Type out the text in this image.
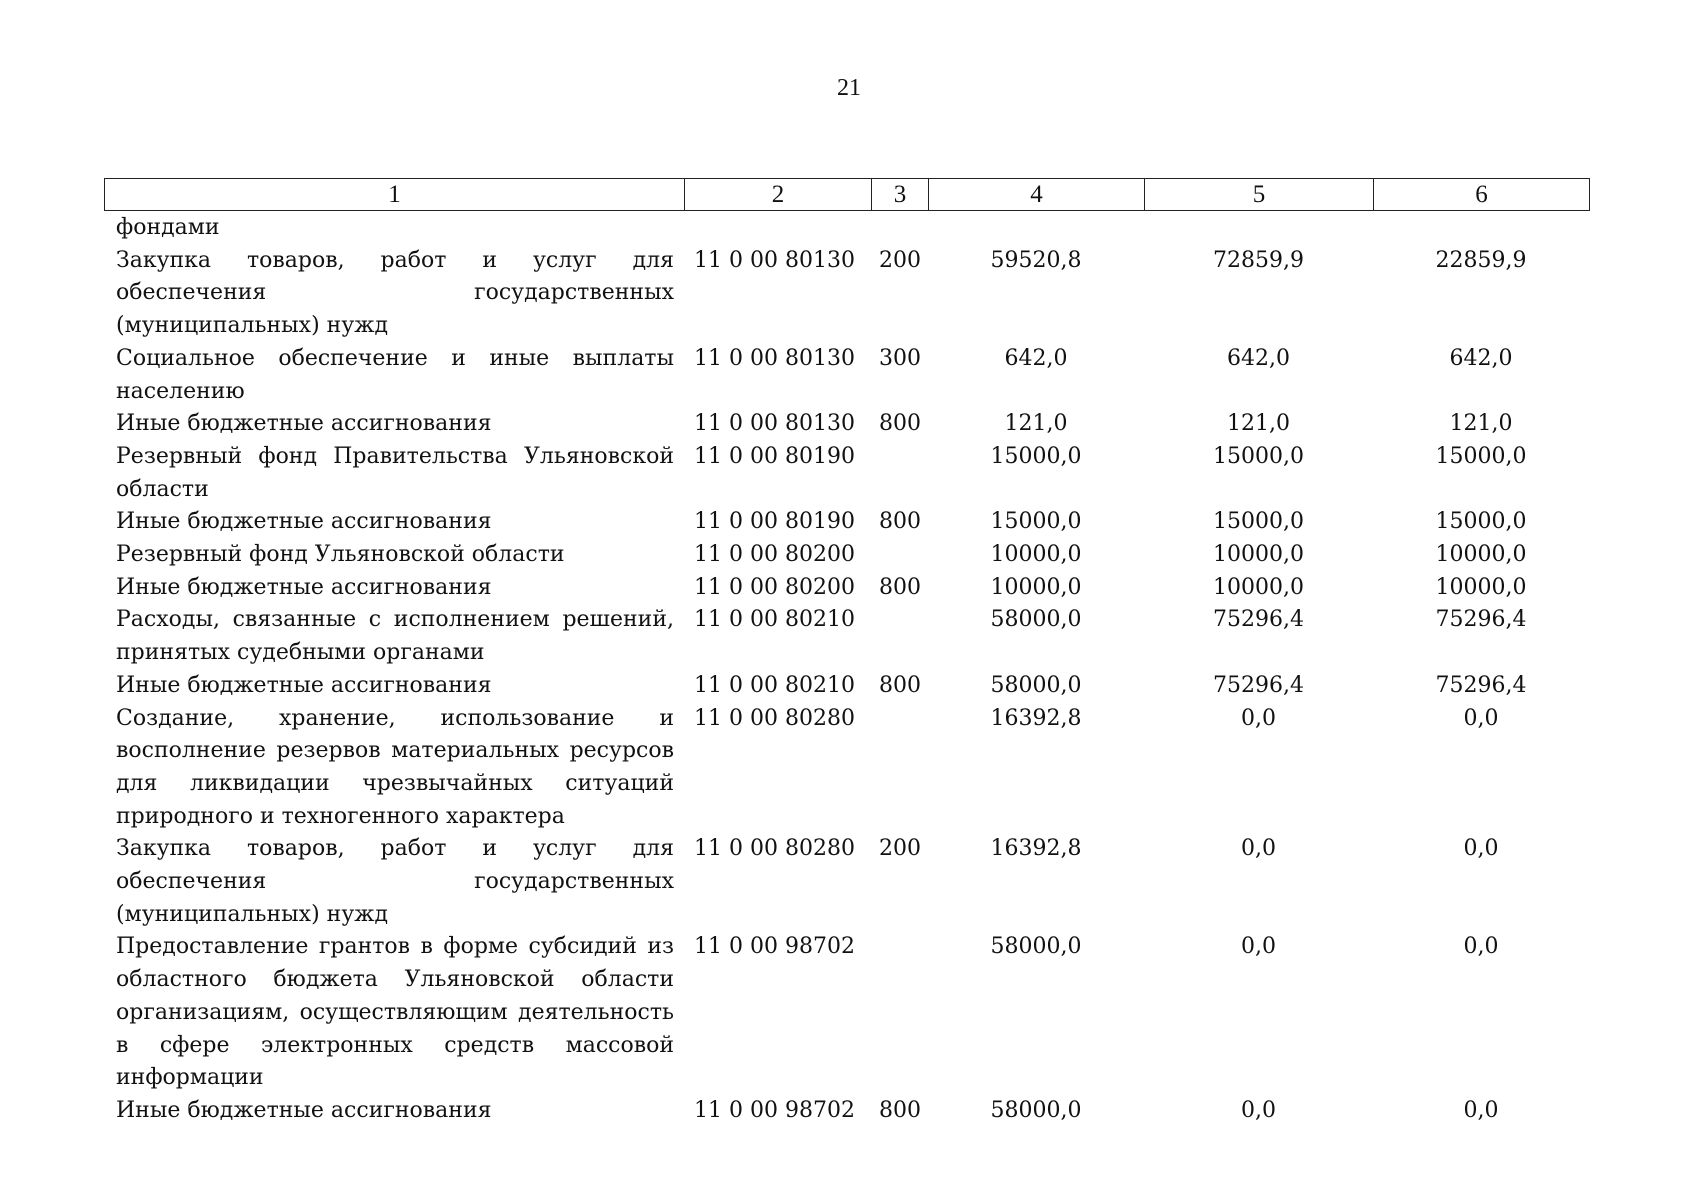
21
1	2	3	4	5	6
фондами					
Закупка товаров, работ и услуг для обеспечения государственных (муниципальных) нужд	11 0 00 80130	200	59520,8	72859,9	22859,9
Социальное обеспечение и иные выплаты населению	11 0 00 80130	300	642,0	642,0	642,0
Иные бюджетные ассигнования	11 0 00 80130	800	121,0	121,0	121,0
Резервный фонд Правительства Ульяновской области	11 0 00 80190		15000,0	15000,0	15000,0
Иные бюджетные ассигнования	11 0 00 80190	800	15000,0	15000,0	15000,0
Резервный фонд Ульяновской области	11 0 00 80200		10000,0	10000,0	10000,0
Иные бюджетные ассигнования	11 0 00 80200	800	10000,0	10000,0	10000,0
Расходы, связанные с исполнением решений, принятых судебными органами	11 0 00 80210		58000,0	75296,4	75296,4
Иные бюджетные ассигнования	11 0 00 80210	800	58000,0	75296,4	75296,4
Создание, хранение, использование и восполнение резервов материальных ресурсов для ликвидации чрезвычайных ситуаций природного и техногенного характера	11 0 00 80280		16392,8	0,0	0,0
Закупка товаров, работ и услуг для обеспечения государственных (муниципальных) нужд	11 0 00 80280	200	16392,8	0,0	0,0
Предоставление грантов в форме субсидий из областного бюджета Ульяновской области организациям, осуществляющим деятельность в сфере электронных средств массовой информации	11 0 00 98702		58000,0	0,0	0,0
Иные бюджетные ассигнования	11 0 00 98702	800	58000,0	0,0	0,0
